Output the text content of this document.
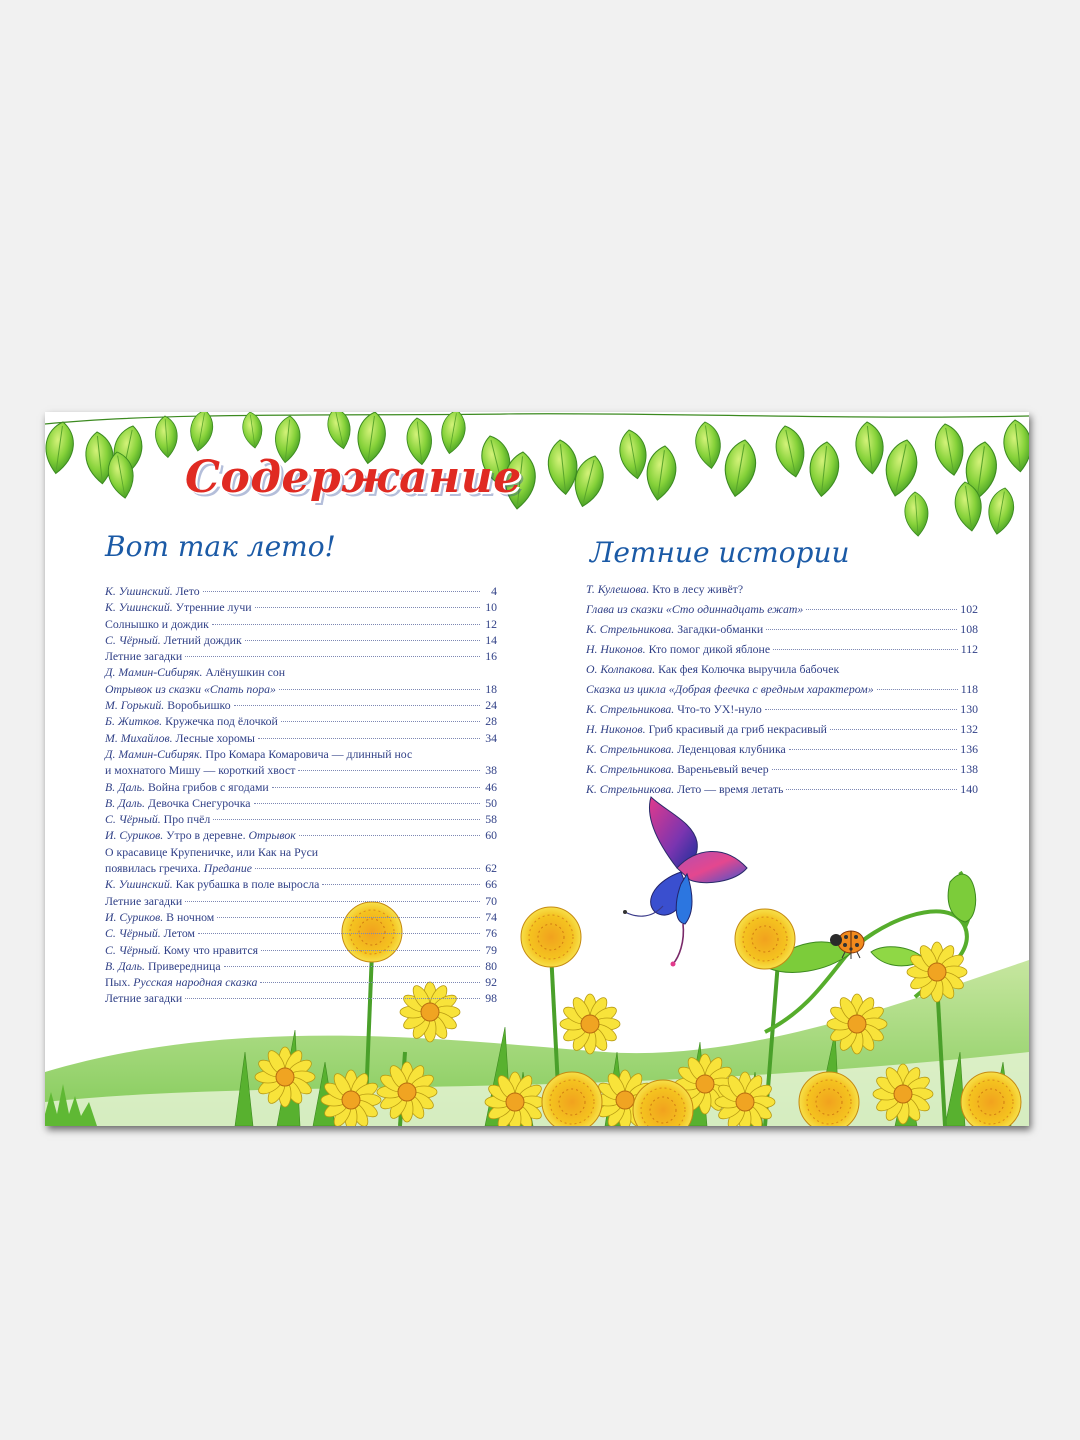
Содержание
Вот так лето!	Летние истории
К. Ушинский. Лето	4
К. Ушинский. Утренние лучи	10
Солнышко и дождик	12
С. Чёрный. Летний дождик	14
Летние загадки	16
Д. Мамин-Сибиряк. Алёнушкин сон
Отрывок из сказки «Спать пора»	18
М. Горький. Воробьишко	24
Б. Житков. Кружечка под ёлочкой	28
М. Михайлов. Лесные хоромы	34
Д. Мамин-Сибиряк. Про Комара Комаровича — длинный нос
и мохнатого Мишу — короткий хвост	38
В. Даль. Война грибов с ягодами	46
В. Даль. Девочка Снегурочка	50
С. Чёрный. Про пчёл	58
И. Суриков. Утро в деревне. Отрывок	60
О красавице Крупеничке, или Как на Руси
появилась гречиха. Предание	62
К. Ушинский. Как рубашка в поле выросла	66
Летние загадки	70
И. Суриков. В ночном	74
С. Чёрный. Летом	76
С. Чёрный. Кому что нравится	79
В. Даль. Привередница	80
Пых. Русская народная сказка	92
Летние загадки	98
Т. Кулешова. Кто в лесу живёт?
Глава из сказки «Сто одиннадцать ежат»	102
К. Стрельникова. Загадки-обманки	108
Н. Никонов. Кто помог дикой яблоне	112
О. Колпакова. Как фея Колючка выручила бабочек
Сказка из цикла «Добрая феечка с вредным характером»	118
К. Стрельникова. Что-то УХ!-нуло	130
Н. Никонов. Гриб красивый да гриб некрасивый	132
К. Стрельникова. Леденцовая клубника	136
К. Стрельникова. Вареньевый вечер	138
К. Стрельникова. Лето — время летать	140
